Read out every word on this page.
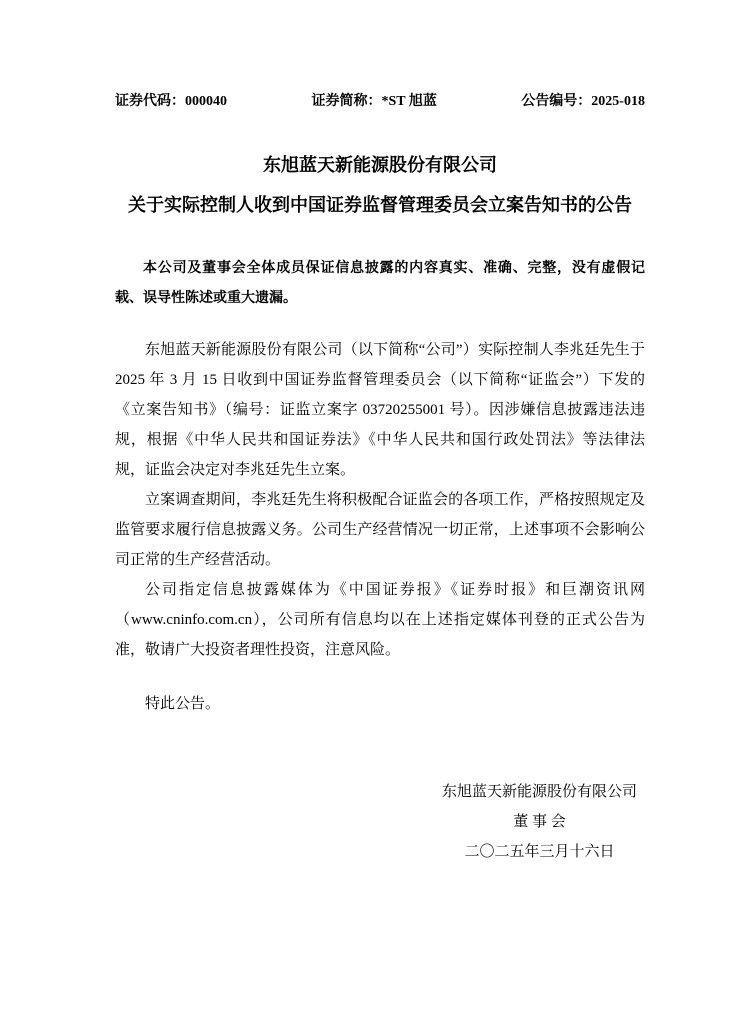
证券代码：000040	证券简称：*ST 旭蓝	公告编号：2025-018
东旭蓝天新能源股份有限公司
关于实际控制人收到中国证券监督管理委员会立案告知书的公告

本公司及董事会全体成员保证信息披露的内容真实、准确、完整，没有虚假记载、误导性陈述或重大遗漏。

东旭蓝天新能源股份有限公司（以下简称“公司”）实际控制人李兆廷先生于 2025 年 3 月 15 日收到中国证券监督管理委员会（以下简称“证监会”）下发的《立案告知书》（编号：证监立案字 03720255001 号）。因涉嫌信息披露违法违规，根据《中华人民共和国证券法》《中华人民共和国行政处罚法》等法律法规，证监会决定对李兆廷先生立案。

立案调查期间，李兆廷先生将积极配合证监会的各项工作，严格按照规定及监管要求履行信息披露义务。公司生产经营情况一切正常，上述事项不会影响公司正常的生产经营活动。

公司指定信息披露媒体为《中国证券报》《证券时报》和巨潮资讯网（www.cninfo.com.cn），公司所有信息均以在上述指定媒体刊登的正式公告为准，敬请广大投资者理性投资，注意风险。

特此公告。

东旭蓝天新能源股份有限公司
董 事 会
二〇二五年三月十六日
